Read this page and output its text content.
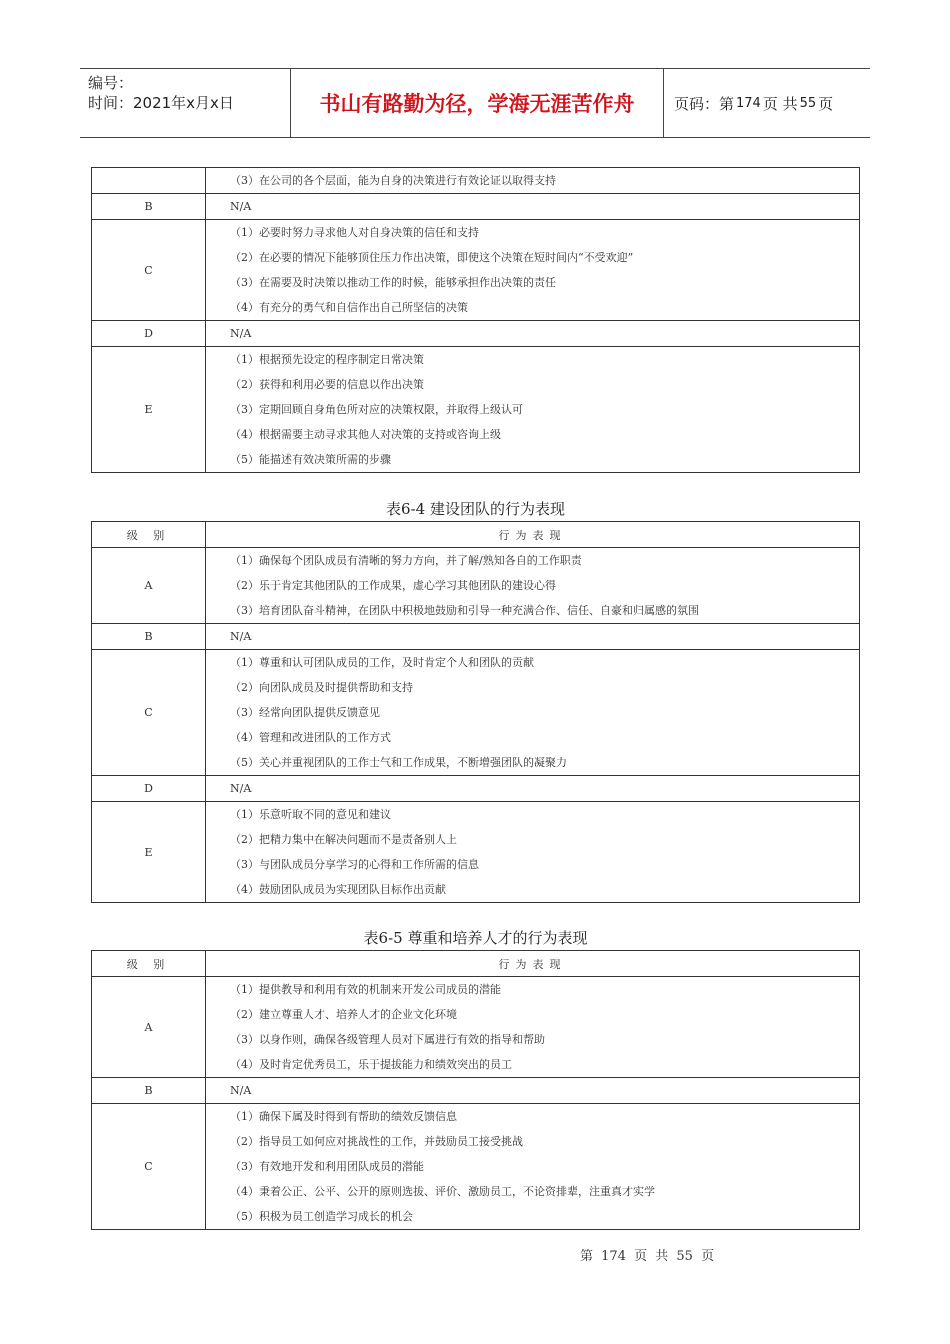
编号：
时间：2021年x月x日	书山有路勤为径，学海无涯苦作舟	页码：第 174 页 共 55 页

	（3）在公司的各个层面，能为自身的决策进行有效论证以取得支持

B	N/A

C	（1）必要时努力寻求他人对自身决策的信任和支持
（2）在必要的情况下能够顶住压力作出决策，即使这个决策在短时间内“不受欢迎”
（3）在需要及时决策以推动工作的时候，能够承担作出决策的责任
（4）有充分的勇气和自信作出自己所坚信的决策

D	N/A

E	（1）根据预先设定的程序制定日常决策
（2）获得和利用必要的信息以作出决策
（3）定期回顾自身角色所对应的决策权限，并取得上级认可
（4）根据需要主动寻求其他人对决策的支持或咨询上级
（5）能描述有效决策所需的步骤
表6-4 建设团队的行为表现
级 别	行为表现
A	（1）确保每个团队成员有清晰的努力方向，并了解/熟知各自的工作职责
（2）乐于肯定其他团队的工作成果，虚心学习其他团队的建设心得
（3）培育团队奋斗精神，在团队中积极地鼓励和引导一种充满合作、信任、自豪和归属感的氛围

B	N/A

C	（1）尊重和认可团队成员的工作，及时肯定个人和团队的贡献
（2）向团队成员及时提供帮助和支持
（3）经常向团队提供反馈意见
（4）管理和改进团队的工作方式
（5）关心并重视团队的工作士气和工作成果，不断增强团队的凝聚力

D	N/A

E	（1）乐意听取不同的意见和建议
（2）把精力集中在解决问题而不是责备别人上
（3）与团队成员分享学习的心得和工作所需的信息
（4）鼓励团队成员为实现团队目标作出贡献
表6-5 尊重和培养人才的行为表现
级 别	行为表现
A	（1）提供教导和利用有效的机制来开发公司成员的潜能
（2）建立尊重人才、培养人才的企业文化环境
（3）以身作则，确保各级管理人员对下属进行有效的指导和帮助
（4）及时肯定优秀员工，乐于提拔能力和绩效突出的员工

B	N/A

C	（1）确保下属及时得到有帮助的绩效反馈信息
（2）指导员工如何应对挑战性的工作，并鼓励员工接受挑战
（3）有效地开发和利用团队成员的潜能
（4）秉着公正、公平、公开的原则选拔、评价、激励员工，不论资排辈，注重真才实学
（5）积极为员工创造学习成长的机会
第 174 页 共 55 页
